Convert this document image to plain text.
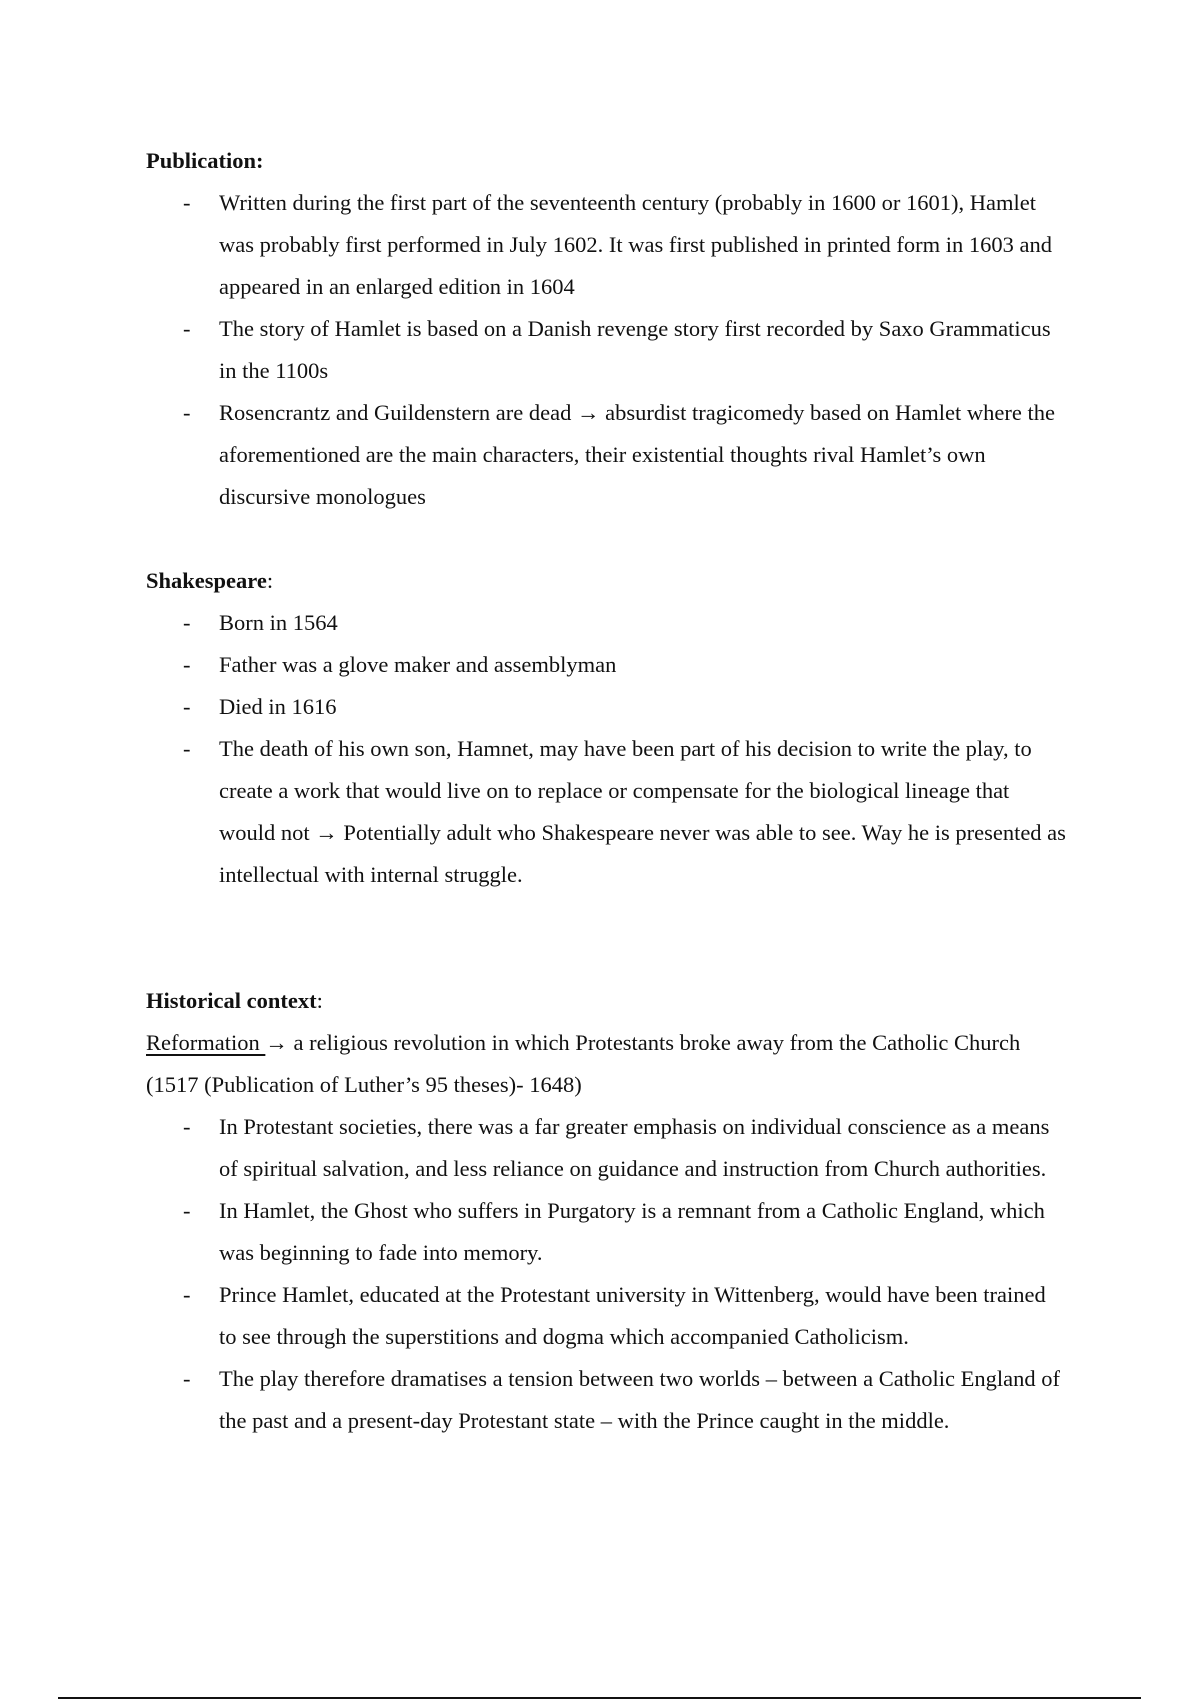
Publication:

- Written during the first part of the seventeenth century (probably in 1600 or 1601), Hamlet was probably first performed in July 1602. It was first published in printed form in 1603 and appeared in an enlarged edition in 1604
- The story of Hamlet is based on a Danish revenge story first recorded by Saxo Grammaticus in the 1100s
- Rosencrantz and Guildenstern are dead → absurdist tragicomedy based on Hamlet where the aforementioned are the main characters, their existential thoughts rival Hamlet’s own discursive monologues

Shakespeare:

- Born in 1564
- Father was a glove maker and assemblyman
- Died in 1616
- The death of his own son, Hamnet, may have been part of his decision to write the play, to create a work that would live on to replace or compensate for the biological lineage that would not → Potentially adult who Shakespeare never was able to see. Way he is presented as intellectual with internal struggle.

Historical context:

Reformation → a religious revolution in which Protestants broke away from the Catholic Church (1517 (Publication of Luther’s 95 theses)- 1648)

- In Protestant societies, there was a far greater emphasis on individual conscience as a means of spiritual salvation, and less reliance on guidance and instruction from Church authorities.
- In Hamlet, the Ghost who suffers in Purgatory is a remnant from a Catholic England, which was beginning to fade into memory.
- Prince Hamlet, educated at the Protestant university in Wittenberg, would have been trained to see through the superstitions and dogma which accompanied Catholicism.
- The play therefore dramatises a tension between two worlds – between a Catholic England of the past and a present-day Protestant state – with the Prince caught in the middle.
